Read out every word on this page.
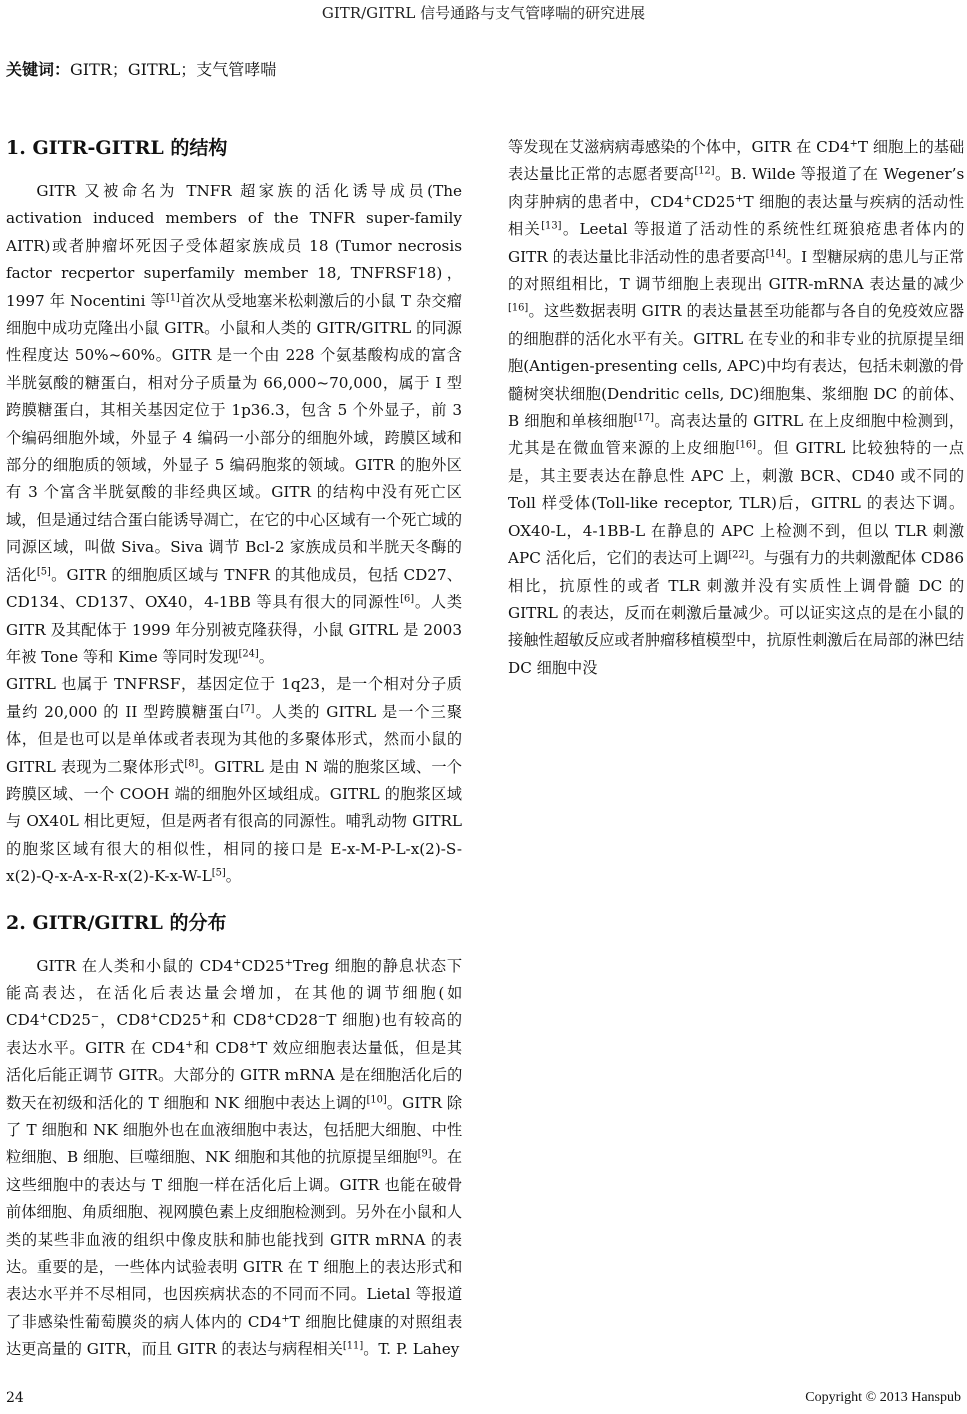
GITR/GITRL 信号通路与支气管哮喘的研究进展
关键词：GITR；GITRL；支气管哮喘
1. GITR-GITRL 的结构

GITR 又被命名为 TNFR 超家族的活化诱导成员(The activation induced members of the TNFR super-family AITR)或者肿瘤坏死因子受体超家族成员 18 (Tumor necrosis factor recpertor superfamily member 18, TNFRSF18)，1997 年 Nocentini 等[1]首次从受地塞米松刺激后的小鼠 T 杂交瘤细胞中成功克隆出小鼠 GITR。小鼠和人类的 GITR/GITRL 的同源性程度达 50%~60%。GITR 是一个由 228 个氨基酸构成的富含半胱氨酸的糖蛋白，相对分子质量为 66,000~70,000，属于 I 型跨膜糖蛋白，其相关基因定位于 1p36.3，包含 5 个外显子，前 3 个编码细胞外域，外显子 4 编码一小部分的细胞外域，跨膜区域和部分的细胞质的领域，外显子 5 编码胞浆的领域。GITR 的胞外区有 3 个富含半胱氨酸的非经典区域。GITR 的结构中没有死亡区域，但是通过结合蛋白能诱导凋亡，在它的中心区域有一个死亡域的同源区域，叫做 Siva。Siva 调节 Bcl-2 家族成员和半胱天冬酶的活化[5]。GITR 的细胞质区域与 TNFR 的其他成员，包括 CD27、CD134、CD137、OX40，4-1BB 等具有很大的同源性[6]。人类 GITR 及其配体于 1999 年分别被克隆获得，小鼠 GITRL 是 2003 年被 Tone 等和 Kime 等同时发现[24]。

GITRL 也属于 TNFRSF，基因定位于 1q23，是一个相对分子质量约 20,000 的 II 型跨膜糖蛋白[7]。人类的 GITRL 是一个三聚体，但是也可以是单体或者表现为其他的多聚体形式，然而小鼠的 GITRL 表现为二聚体形式[8]。GITRL 是由 N 端的胞浆区域、一个跨膜区域、一个 COOH 端的细胞外区域组成。GITRL 的胞浆区域与 OX40L 相比更短，但是两者有很高的同源性。哺乳动物 GITRL 的胞浆区域有很大的相似性，相同的接口是 E-x-M-P-L-x(2)-S-x(2)-Q-x-A-x-R-x(2)-K-x-W-L[5]。

2. GITR/GITRL 的分布

GITR 在人类和小鼠的 CD4+CD25+Treg 细胞的静息状态下能高表达，在活化后表达量会增加，在其他的调节细胞(如CD4+CD25−，CD8+CD25+和 CD8+CD28−T 细胞)也有较高的表达水平。GITR 在 CD4+和 CD8+T 效应细胞表达量低，但是其活化后能正调节 GITR。大部分的 GITR mRNA 是在细胞活化后的数天在初级和活化的 T 细胞和 NK 细胞中表达上调的[10]。GITR 除了 T 细胞和 NK 细胞外也在血液细胞中表达，包括肥大细胞、中性粒细胞、B 细胞、巨噬细胞、NK 细胞和其他的抗原提呈细胞[9]。在这些细胞中的表达与 T 细胞一样在活化后上调。GITR 也能在破骨前体细胞、角质细胞、视网膜色素上皮细胞检测到。另外在小鼠和人类的某些非血液的组织中像皮肤和肺也能找到 GITR mRNA 的表达。重要的是，一些体内试验表明 GITR 在 T 细胞上的表达形式和表达水平并不尽相同，也因疾病状态的不同而不同。Lietal 等报道了非感染性葡萄膜炎的病人体内的 CD4+T 细胞比健康的对照组表达更高量的 GITR，而且 GITR 的表达与病程相关[11]。T. P. Lahey

等发现在艾滋病病毒感染的个体中，GITR 在 CD4+T 细胞上的基础表达量比正常的志愿者要高[12]。B. Wilde 等报道了在 Wegener’s 肉芽肿病的患者中，CD4+CD25+T 细胞的表达量与疾病的活动性相关[13]。Leetal 等报道了活动性的系统性红斑狼疮患者体内的 GITR 的表达量比非活动性的患者要高[14]。I 型糖尿病的患儿与正常的对照组相比，T 调节细胞上表现出 GITR-mRNA 表达量的减少[16]。这些数据表明 GITR 的表达量甚至功能都与各自的免疫效应器的细胞群的活化水平有关。GITRL 在专业的和非专业的抗原提呈细胞(Antigen-presenting cells, APC)中均有表达，包括未刺激的骨髓树突状细胞(Dendritic cells, DC)细胞集、浆细胞 DC 的前体、B 细胞和单核细胞[17]。高表达量的 GITRL 在上皮细胞中检测到，尤其是在微血管来源的上皮细胞[16]。但 GITRL 比较独特的一点是，其主要表达在静息性 APC 上，刺激 BCR、CD40 或不同的 Toll 样受体(Toll-like receptor, TLR)后，GITRL 的表达下调。OX40-L，4-1BB-L 在静息的 APC 上检测不到，但以 TLR 刺激 APC 活化后，它们的表达可上调[22]。与强有力的共刺激配体 CD86 相比，抗原性的或者 TLR 刺激并没有实质性上调骨髓 DC 的 GITRL 的表达，反而在刺激后量减少。可以证实这点的是在小鼠的接触性超敏反应或者肿瘤移植模型中，抗原性刺激后在局部的淋巴结 DC 细胞中没

24	Copyright © 2013 Hanspub
